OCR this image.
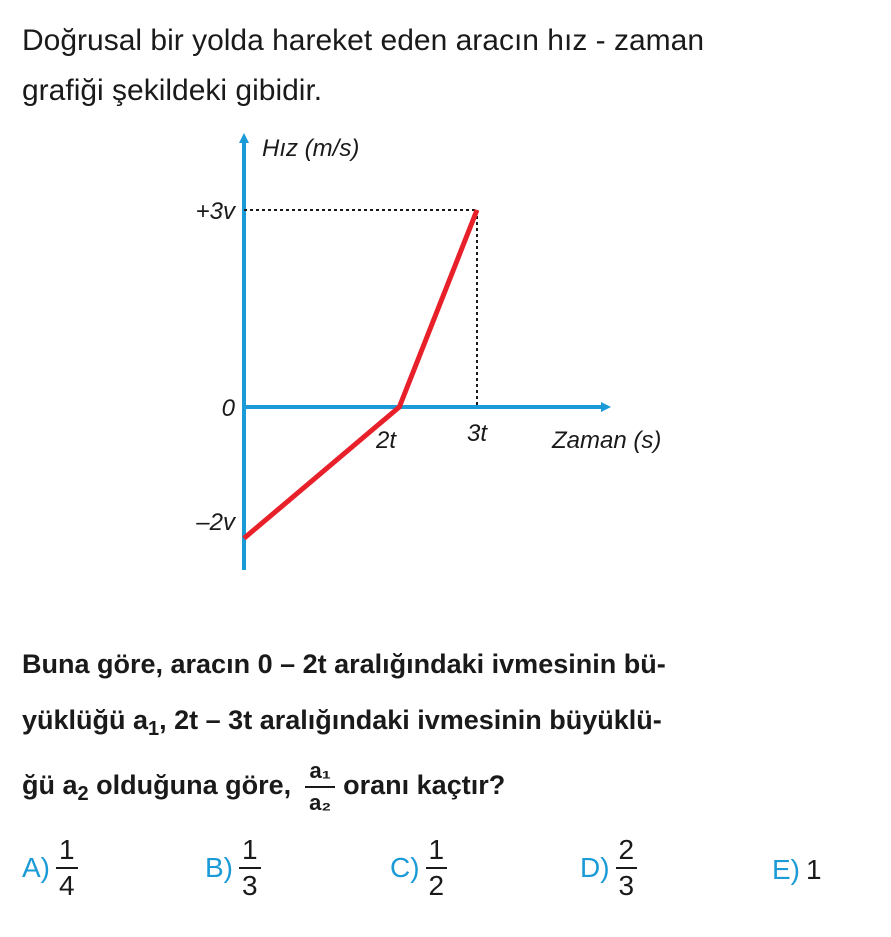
Doğrusal bir yolda hareket eden aracın hız - zaman
grafiği şekildeki gibidir.
Hız (m/s)
Zaman (s)
+3v
0
–2v
2t	3t
Buna göre, aracın 0 – 2t aralığındaki ivmesinin bü-
yüklüğü $a_1$, 2t – 3t aralığındaki ivmesinin büyüklü-
ğü $a_2$ olduğuna göre, $\frac{\text{a₁}}{\text{a₂}}$ oranı kaçtır?
$A) \frac{1}{4}$	$B) \frac{1}{3}$	$C) \frac{1}{2}$	$D) \frac{2}{3}$	E) 1
